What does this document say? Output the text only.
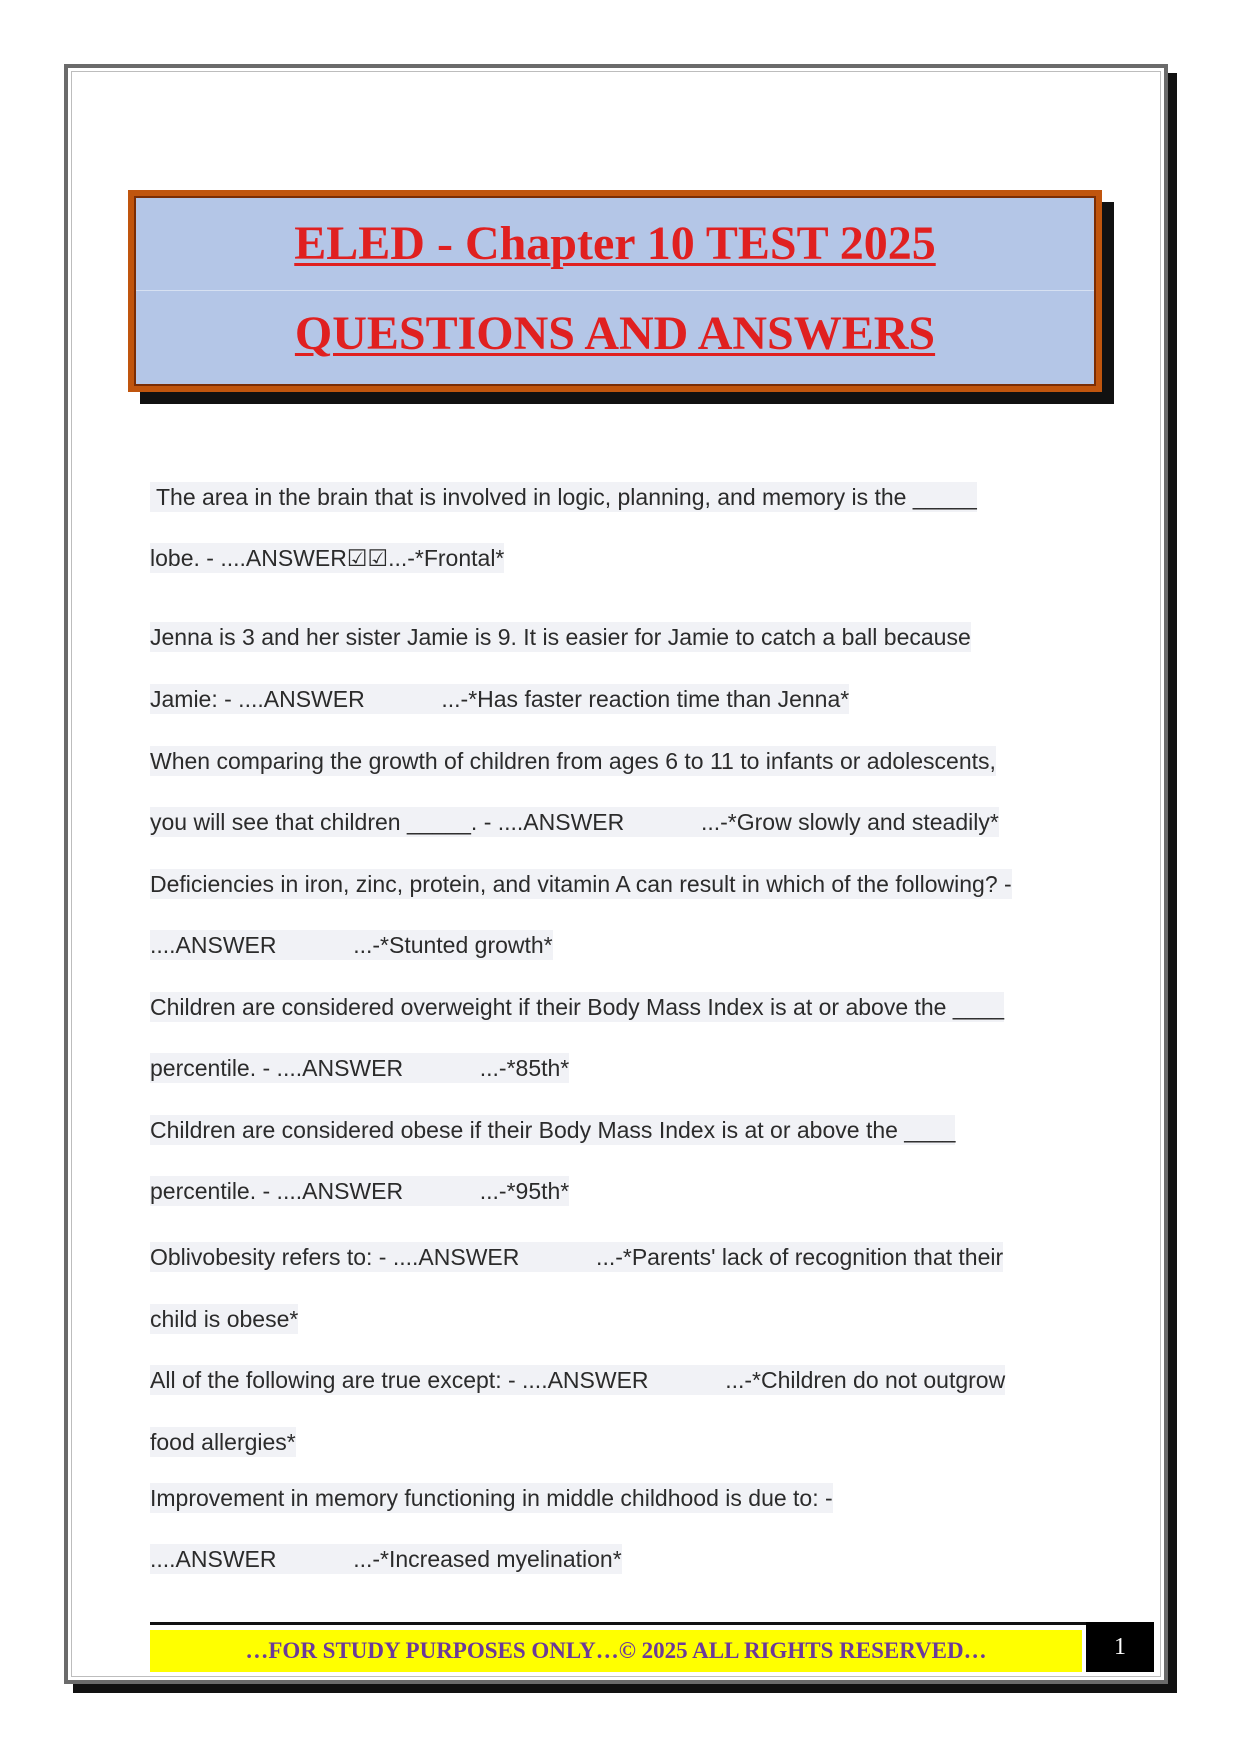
ELED - Chapter 10 TEST 2025
QUESTIONS AND ANSWERS
The area in the brain that is involved in logic, planning, and memory is the _____
lobe. - ....ANSWER☑☑...-*Frontal*
Jenna is 3 and her sister Jamie is 9. It is easier for Jamie to catch a ball because
Jamie: - ....ANSWER            ...-*Has faster reaction time than Jenna*
When comparing the growth of children from ages 6 to 11 to infants or adolescents,
you will see that children _____. - ....ANSWER            ...-*Grow slowly and steadily*
Deficiencies in iron, zinc, protein, and vitamin A can result in which of the following? -
....ANSWER            ...-*Stunted growth*
Children are considered overweight if their Body Mass Index is at or above the ____
percentile. - ....ANSWER            ...-*85th*
Children are considered obese if their Body Mass Index is at or above the ____
percentile. - ....ANSWER            ...-*95th*
Oblivobesity refers to: - ....ANSWER            ...-*Parents' lack of recognition that their
child is obese*
All of the following are true except: - ....ANSWER            ...-*Children do not outgrow
food allergies*
Improvement in memory functioning in middle childhood is due to: -
....ANSWER            ...-*Increased myelination*
…FOR STUDY PURPOSES ONLY…© 2025 ALL RIGHTS RESERVED…	1
